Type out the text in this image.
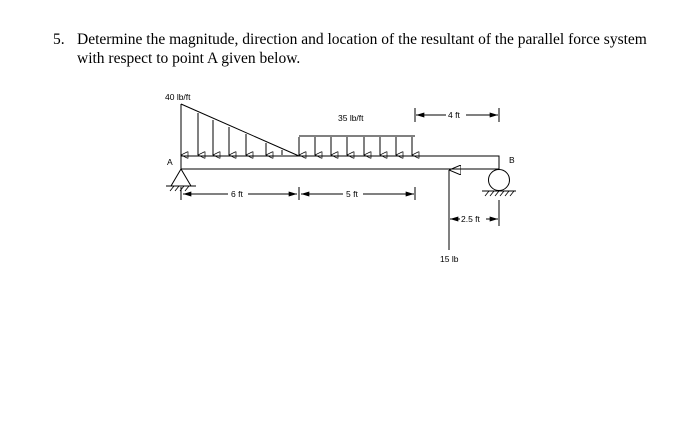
5. Determine the magnitude, direction and location of the resultant of the parallel force system with respect to point A given below.
40 lb/ft
35 lb/ft	4 ft
A	B
6 ft	5 ft
15 lb
2.5 ft
